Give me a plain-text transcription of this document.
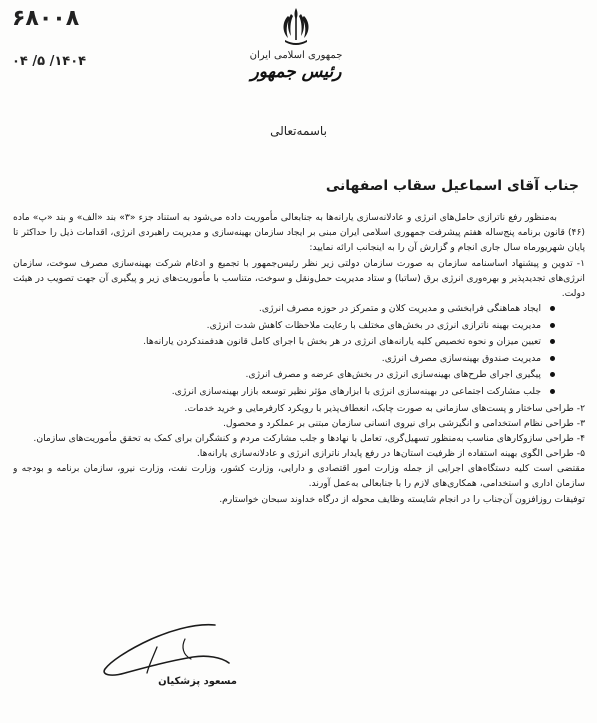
۶۸۰۰۸
۱۴۰۴/ ۵/ ۰۴	جمهوری اسلامی ایران
رئیس جمهور
باسمه‌تعالی
جناب آقای اسماعیل سقاب اصفهانی

به‌منظور رفع ناترازی حامل‌های انرژی و عادلانه‌سازی یارانه‌ها به جنابعالی مأموریت داده می‌شود به استناد جزء «۳» بند «الف» و بند «پ» ماده (۴۶) قانون برنامه پنج‌ساله هفتم پیشرفت جمهوری اسلامی ایران مبنی بر ایجاد سازمان بهینه‌سازی و مدیریت راهبردی انرژی، اقدامات ذیل را حداکثر تا پایان شهریورماه سال جاری انجام و گزارش آن را به اینجانب ارائه نمایید:

۱- تدوین و پیشنهاد اساسنامه سازمان به صورت سازمان دولتی زیر نظر رئیس‌جمهور با تجمیع و ادغام شرکت بهینه‌سازی مصرف سوخت، سازمان انرژی‌های تجدیدپذیر و بهره‌وری انرژی برق (ساتبا) و ستاد مدیریت حمل‌ونقل و سوخت، متناسب با مأموریت‌های زیر و پیگیری آن جهت تصویب در هیئت دولت.

ایجاد هماهنگی فرابخشی و مدیریت کلان و متمرکز در حوزه مصرف انرژی.
مدیریت بهینه ناترازی انرژی در بخش‌های مختلف با رعایت ملاحظات کاهش شدت انرژی.
تعیین میزان و نحوه تخصیص کلیه یارانه‌های انرژی در هر بخش با اجرای کامل قانون هدفمندکردن یارانه‌ها.
مدیریت صندوق بهینه‌سازی مصرف انرژی.
پیگیری اجرای طرح‌های بهینه‌سازی انرژی در بخش‌های عرضه و مصرف انرژی.
جلب مشارکت اجتماعی در بهینه‌سازی انرژی با ابزارهای مؤثر نظیر توسعه بازار بهینه‌سازی انرژی.

۲- طراحی ساختار و پست‌های سازمانی به صورت چابک، انعطاف‌پذیر با رویکرد کارفرمایی و خرید خدمات.

۳- طراحی نظام استخدامی و انگیزشی برای نیروی انسانی سازمان مبتنی بر عملکرد و محصول.

۴- طراحی سازوکارهای مناسب به‌منظور تسهیل‌گری، تعامل با نهادها و جلب مشارکت مردم و کنشگران برای کمک به تحقق مأموریت‌های سازمان.

۵- طراحی الگوی بهینه استفاده از ظرفیت استان‌ها در رفع پایدار ناترازی انرژی و عادلانه‌سازی یارانه‌ها.

مقتضی است کلیه دستگاه‌های اجرایی از جمله وزارت امور اقتصادی و دارایی، وزارت کشور، وزارت نفت، وزارت نیرو، سازمان برنامه و بودجه و سازمان اداری و استخدامی، همکاری‌های لازم را با جنابعالی به‌عمل آورند.

توفیقات روزافزون آن‌جناب را در انجام شایسته وظایف محوله از درگاه خداوند سبحان خواستارم.

مسعود پزشکیان
